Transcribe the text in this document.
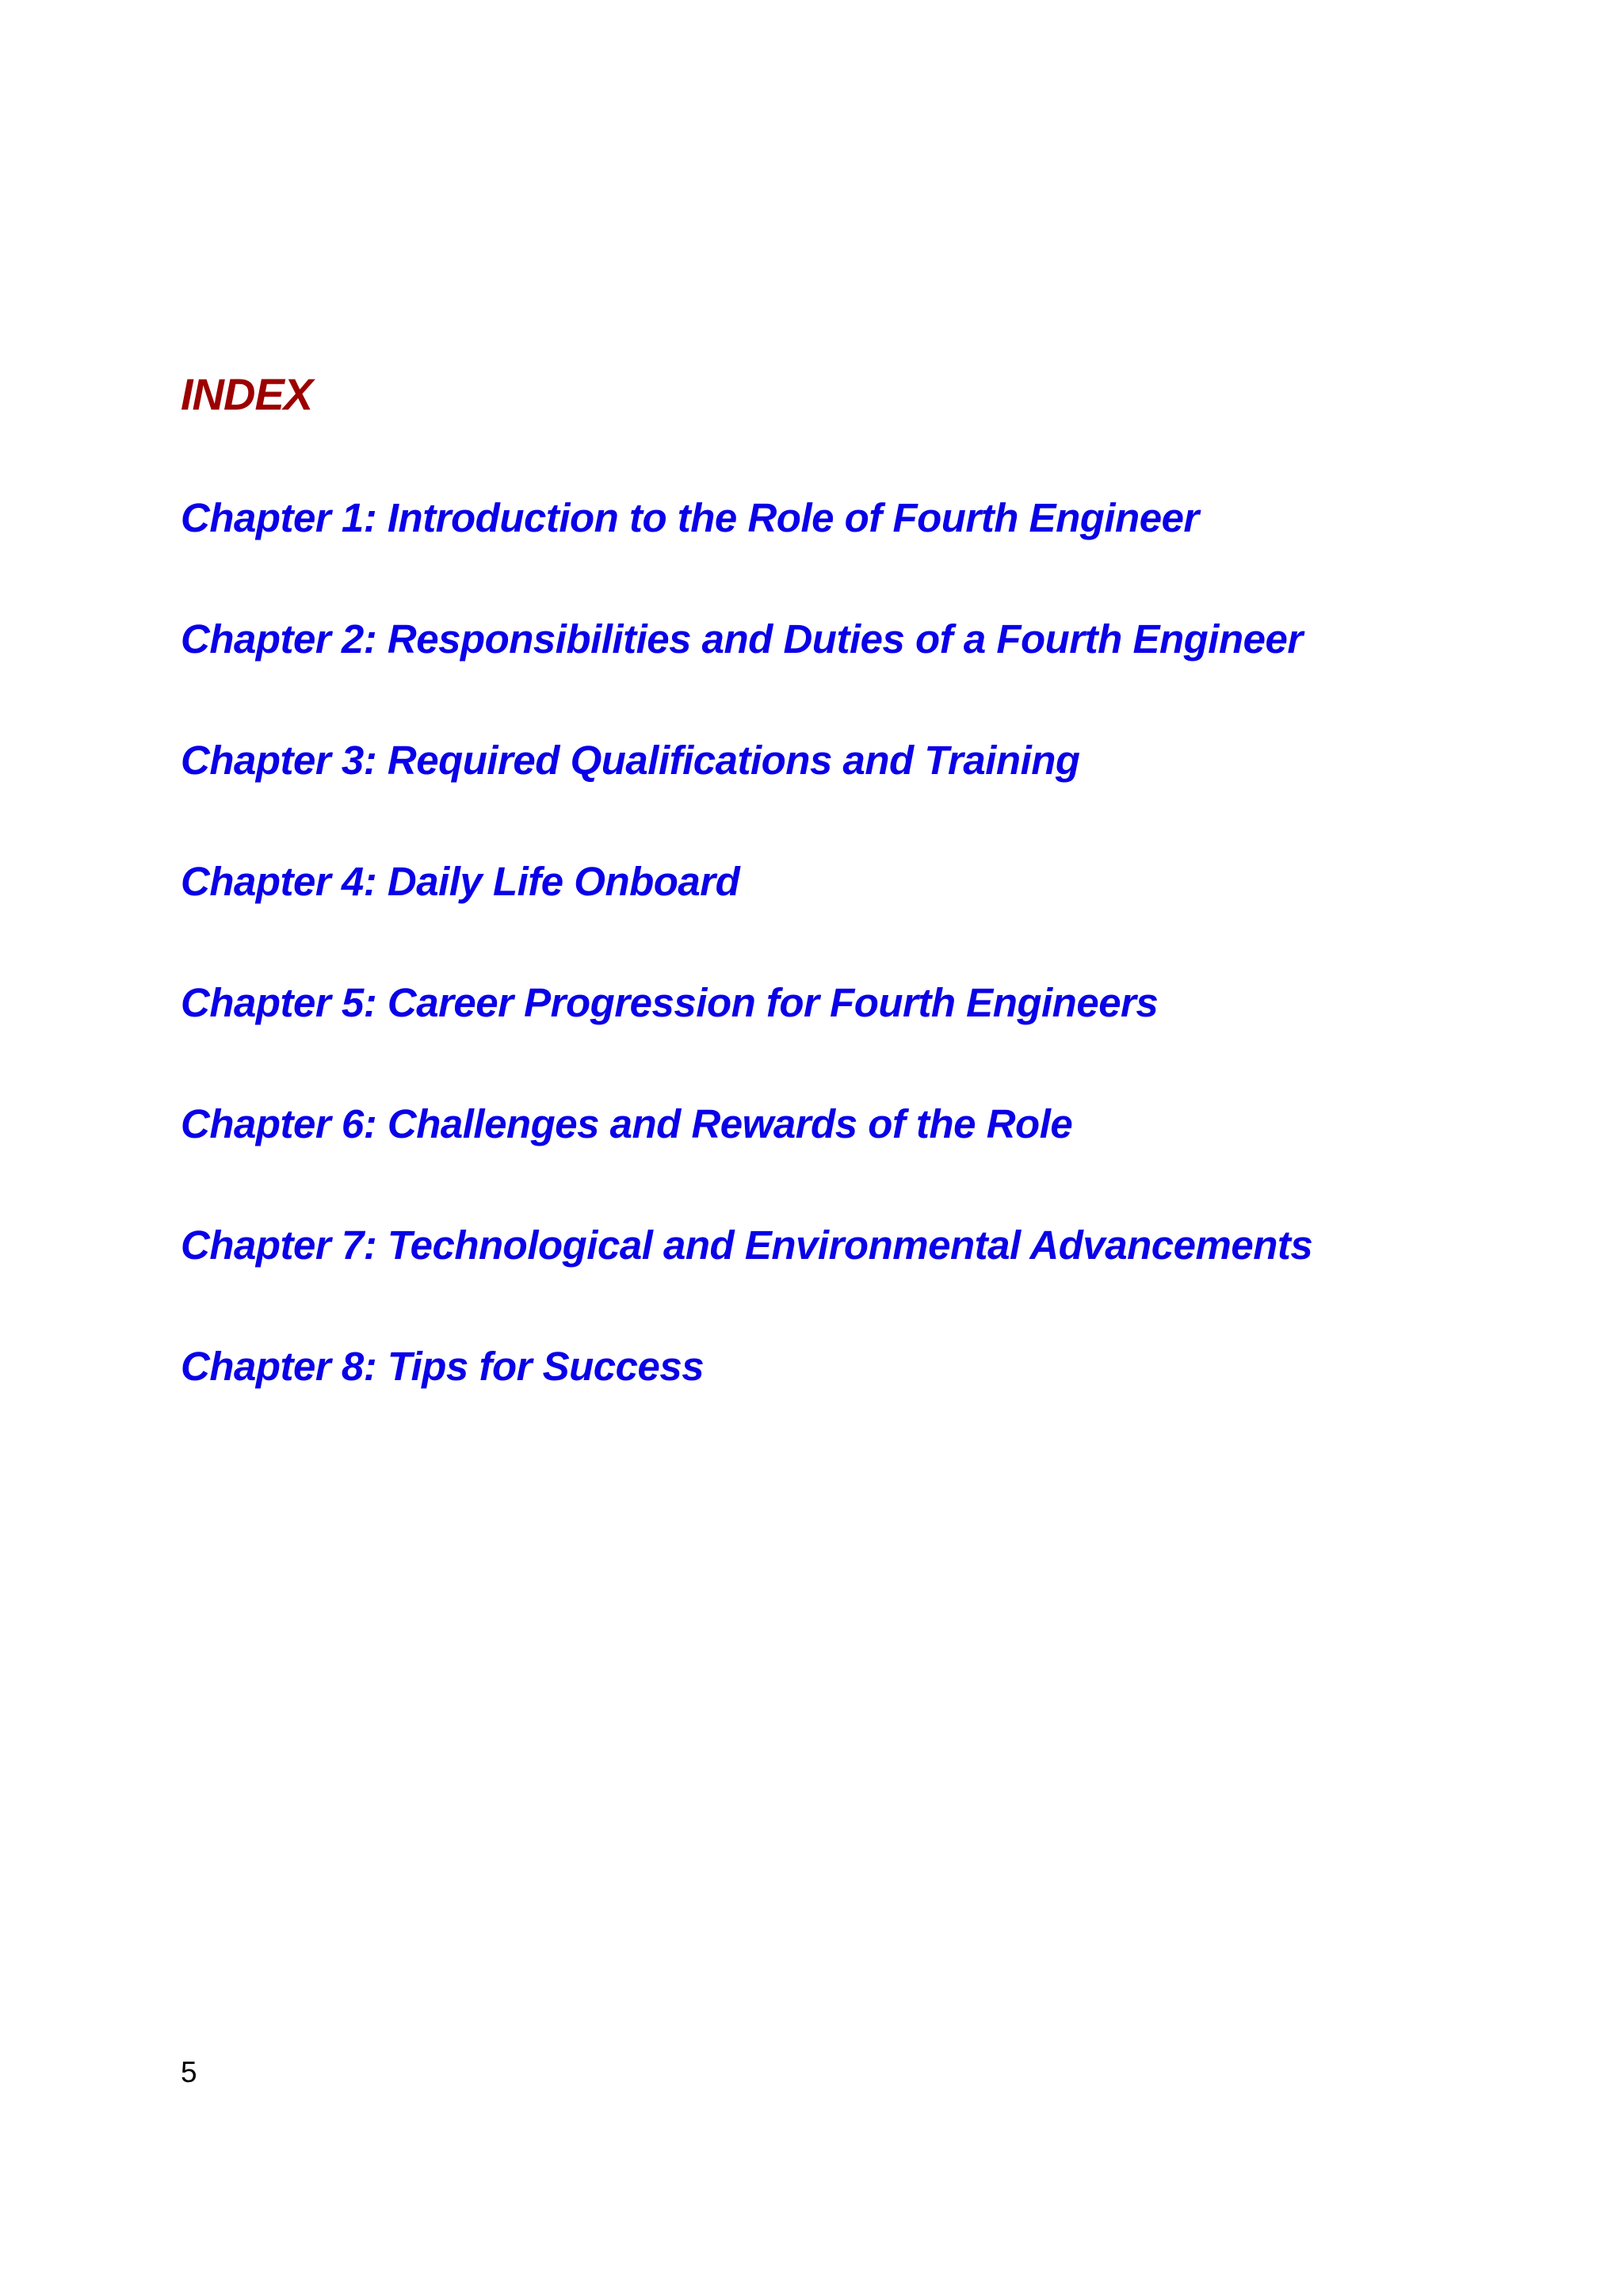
INDEX
Chapter 1: Introduction to the Role of Fourth Engineer
Chapter 2: Responsibilities and Duties of a Fourth Engineer
Chapter 3: Required Qualifications and Training
Chapter 4: Daily Life Onboard
Chapter 5: Career Progression for Fourth Engineers
Chapter 6: Challenges and Rewards of the Role
Chapter 7: Technological and Environmental Advancements
Chapter 8: Tips for Success
5
